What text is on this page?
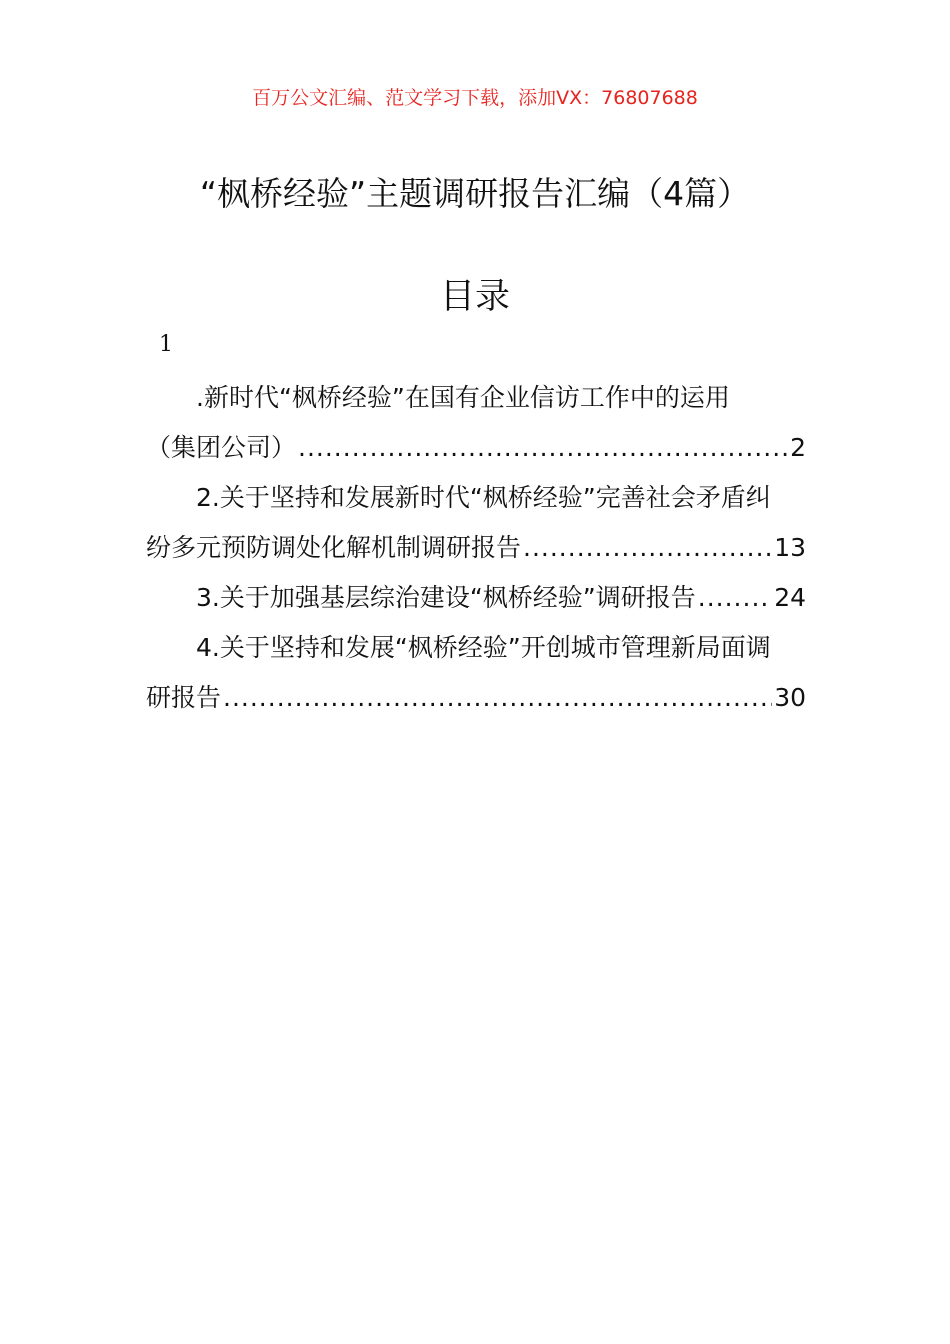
百万公文汇编、范文学习下载，添加VX：76807688
“枫桥经验”主题调研报告汇编（4篇）
目录
1
.新时代“枫桥经验”在国有企业信访工作中的运用
（集团公司） .....	2
2.关于坚持和发展新时代“枫桥经验”完善社会矛盾纠
纷多元预防调处化解机制调研报告 .....	13
3.关于加强基层综治建设“枫桥经验”调研报告 .....	24
4.关于坚持和发展“枫桥经验”开创城市管理新局面调
研报告 .....	30
